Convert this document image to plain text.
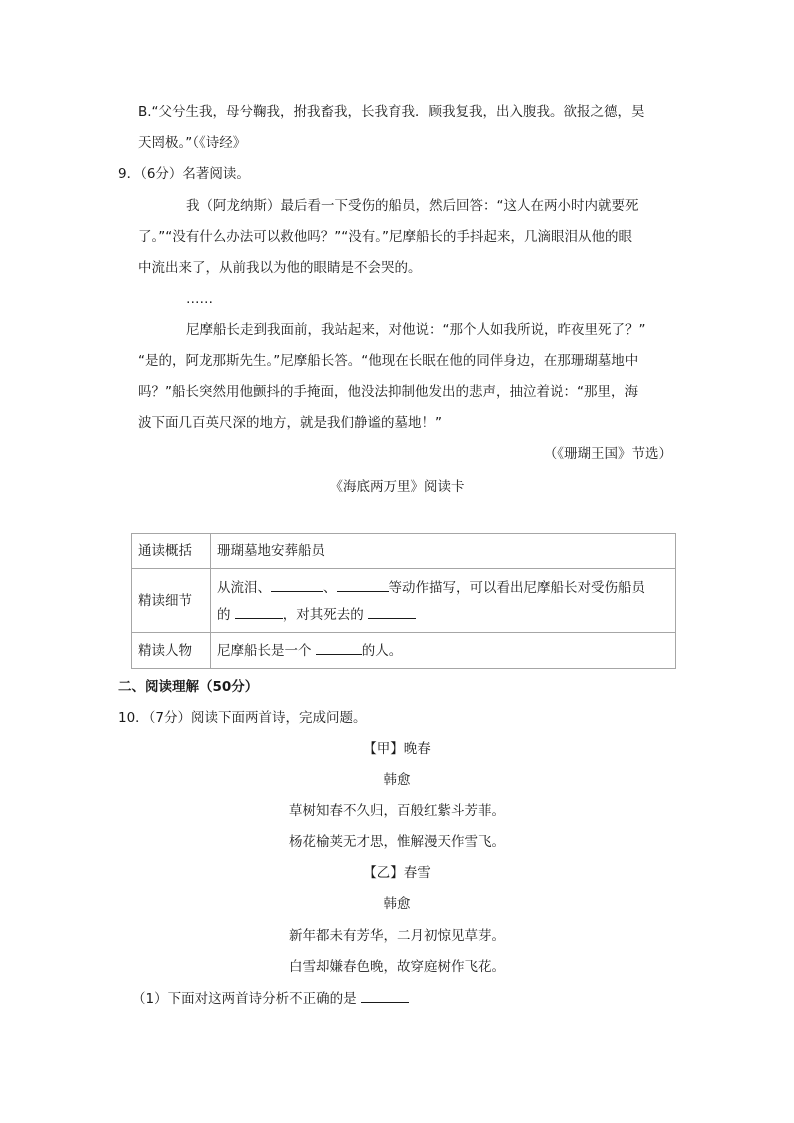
B.“父兮生我，母兮鞠我，拊我畜我，长我育我．顾我复我，出入腹我。欲报之德，昊
天罔极。”（《诗经》
9．（6分）名著阅读。
我（阿龙纳斯）最后看一下受伤的船员，然后回答：“这人在两小时内就要死
了。”“没有什么办法可以救他吗？”“没有。”尼摩船长的手抖起来，几滴眼泪从他的眼
中流出来了，从前我以为他的眼睛是不会哭的。
……
尼摩船长走到我面前，我站起来，对他说：“那个人如我所说，昨夜里死了？”
“是的，阿龙那斯先生。”尼摩船长答。“他现在长眠在他的同伴身边，在那珊瑚墓地中
吗？”船长突然用他颤抖的手掩面，他没法抑制他发出的悲声，抽泣着说：“那里，海
波下面几百英尺深的地方，就是我们静谧的墓地！”
（《珊瑚王国》节选）
《海底两万里》阅读卡
通读概括	珊瑚墓地安葬船员
精读细节	从流泪、 、 等动作描写，可以看出尼摩船长对受伤船员
的 ，对其死去的

精读人物	尼摩船长是一个 的人。
二、阅读理解（50分）
10．（7分）阅读下面两首诗，完成问题。
【甲】晚春
韩愈
草树知春不久归，百般红紫斗芳菲。
杨花榆荚无才思，惟解漫天作雪飞。
【乙】春雪
韩愈
新年都未有芳华，二月初惊见草芽。
白雪却嫌春色晚，故穿庭树作飞花。
（1）下面对这两首诗分析不正确的是
